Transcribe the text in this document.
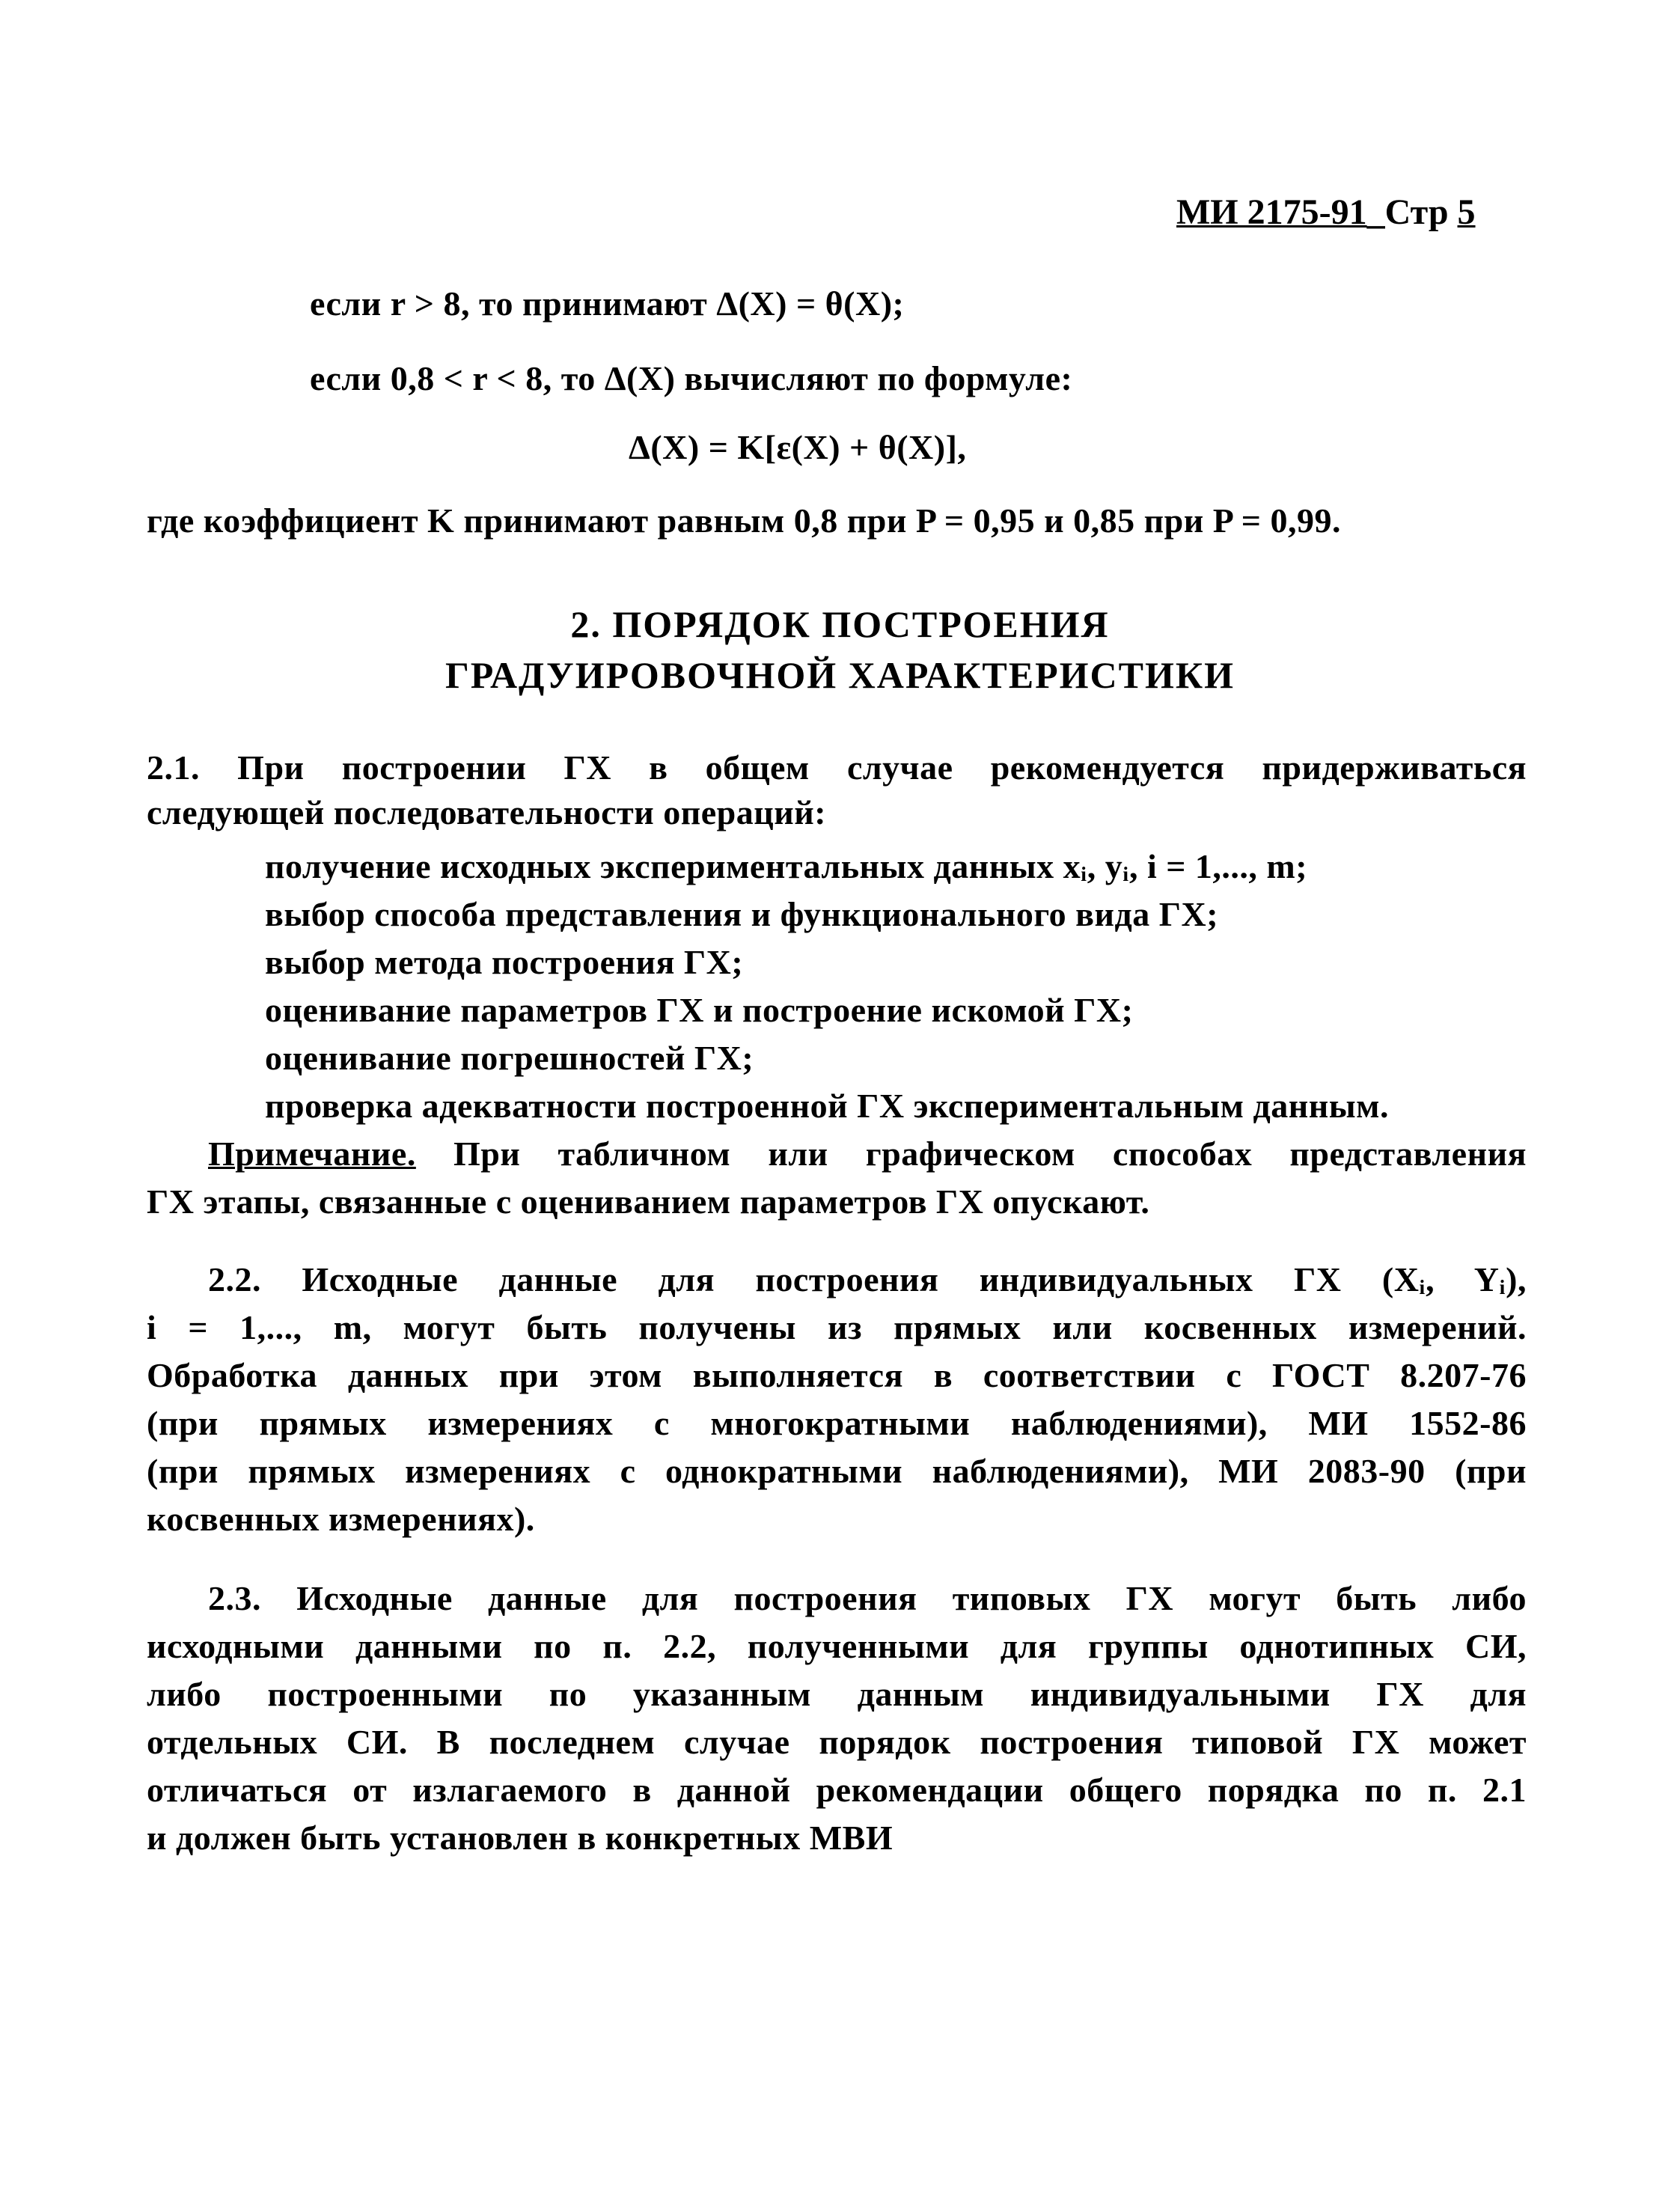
МИ 2175-91_Стр 5
если r > 8, то принимают Δ(X) = θ(X);
если 0,8 < r < 8, то Δ(X) вычисляют по формуле:
Δ(X) = K[ε(X) + θ(X)],
где коэффициент K принимают равным 0,8 при P = 0,95 и 0,85 при P = 0,99.
2. ПОРЯДОК ПОСТРОЕНИЯ
ГРАДУИРОВОЧНОЙ ХАРАКТЕРИСТИКИ
2.1. При построении ГХ в общем случае рекомендуется придерживаться
следующей последовательности операций:
получение исходных экспериментальных данных xᵢ, yᵢ, i = 1,..., m;
выбор способа представления и функционального вида ГХ;
выбор метода построения ГХ;
оценивание параметров ГХ и построение искомой ГХ;
оценивание погрешностей ГХ;
проверка адекватности построенной ГХ экспериментальным данным.
Примечание. При табличном или графическом способах представления
ГХ этапы, связанные с оцениванием параметров ГХ опускают.
2.2. Исходные данные для построения индивидуальных ГХ (Xᵢ, Yᵢ),
i = 1,..., m, могут быть получены из прямых или косвенных измерений.
Обработка данных при этом выполняется в соответствии с ГОСТ 8.207-76
(при прямых измерениях с многократными наблюдениями), МИ 1552-86
(при прямых измерениях с однократными наблюдениями), МИ 2083-90 (при
косвенных измерениях).
2.3. Исходные данные для построения типовых ГХ могут быть либо
исходными данными по п. 2.2, полученными для группы однотипных СИ,
либо построенными по указанным данным индивидуальными ГХ для
отдельных СИ. В последнем случае порядок построения типовой ГХ может
отличаться от излагаемого в данной рекомендации общего порядка по п. 2.1
и должен быть установлен в конкретных МВИ
